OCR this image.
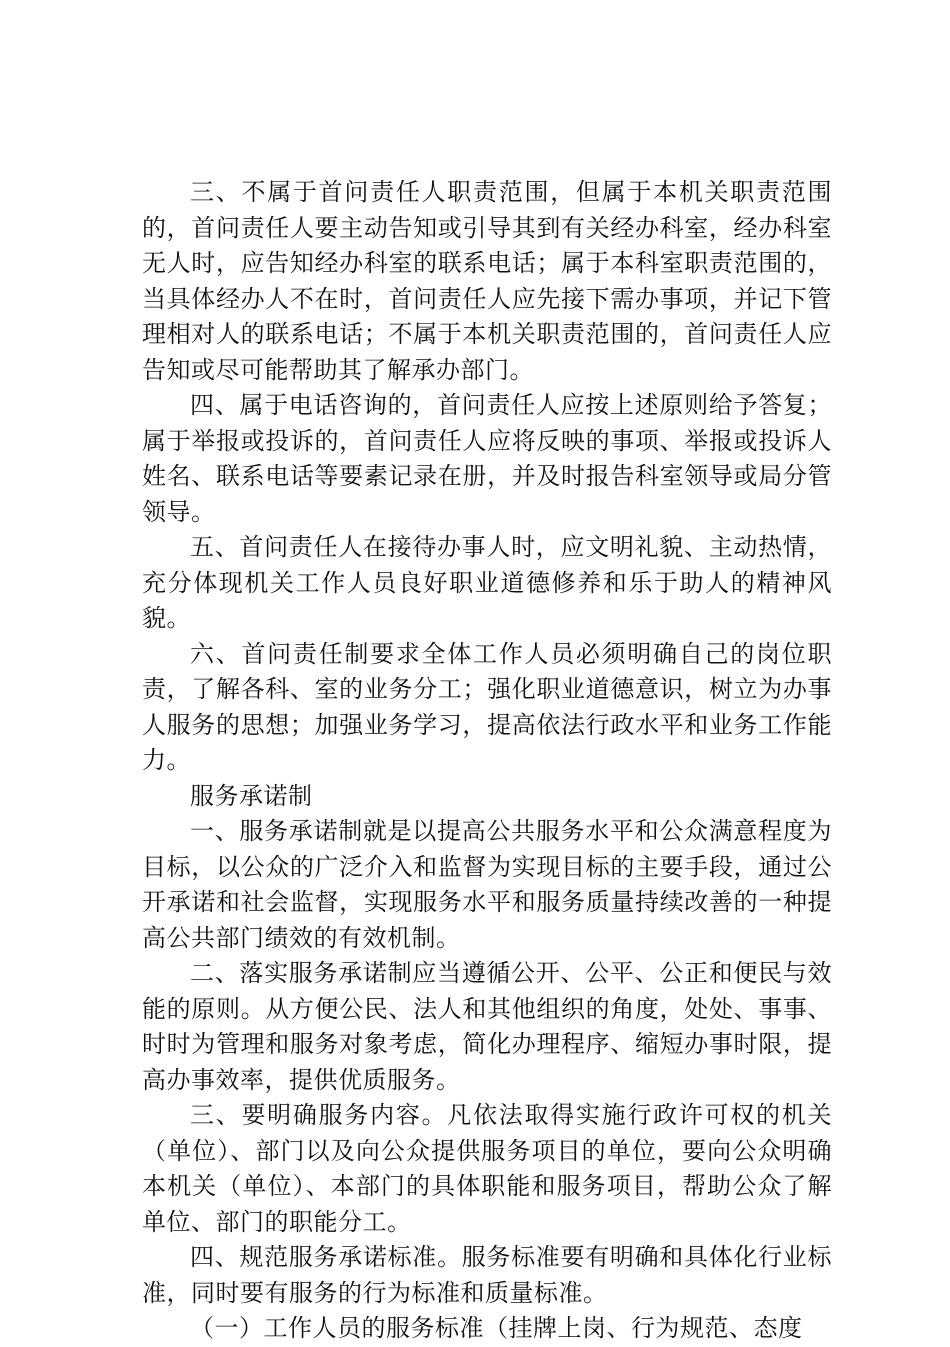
三、不属于首问责任人职责范围，但属于本机关职责范围的，首问责任人要主动告知或引导其到有关经办科室，经办科室无人时，应告知经办科室的联系电话；属于本科室职责范围的，当具体经办人不在时，首问责任人应先接下需办事项，并记下管理相对人的联系电话；不属于本机关职责范围的，首问责任人应告知或尽可能帮助其了解承办部门。

四、属于电话咨询的，首问责任人应按上述原则给予答复；属于举报或投诉的，首问责任人应将反映的事项、举报或投诉人姓名、联系电话等要素记录在册，并及时报告科室领导或局分管领导。

五、首问责任人在接待办事人时，应文明礼貌、主动热情，充分体现机关工作人员良好职业道德修养和乐于助人的精神风貌。

六、首问责任制要求全体工作人员必须明确自己的岗位职责，了解各科、室的业务分工；强化职业道德意识，树立为办事人服务的思想；加强业务学习，提高依法行政水平和业务工作能力。

服务承诺制

一、服务承诺制就是以提高公共服务水平和公众满意程度为目标，以公众的广泛介入和监督为实现目标的主要手段，通过公开承诺和社会监督，实现服务水平和服务质量持续改善的一种提高公共部门绩效的有效机制。

二、落实服务承诺制应当遵循公开、公平、公正和便民与效能的原则。从方便公民、法人和其他组织的角度，处处、事事、时时为管理和服务对象考虑，简化办理程序、缩短办事时限，提高办事效率，提供优质服务。

三、要明确服务内容。凡依法取得实施行政许可权的机关（单位）、部门以及向公众提供服务项目的单位，要向公众明确本机关（单位）、本部门的具体职能和服务项目，帮助公众了解单位、部门的职能分工。

四、规范服务承诺标准。服务标准要有明确和具体化行业标准，同时要有服务的行为标准和质量标准。

（一）工作人员的服务标准（挂牌上岗、行为规范、态度
